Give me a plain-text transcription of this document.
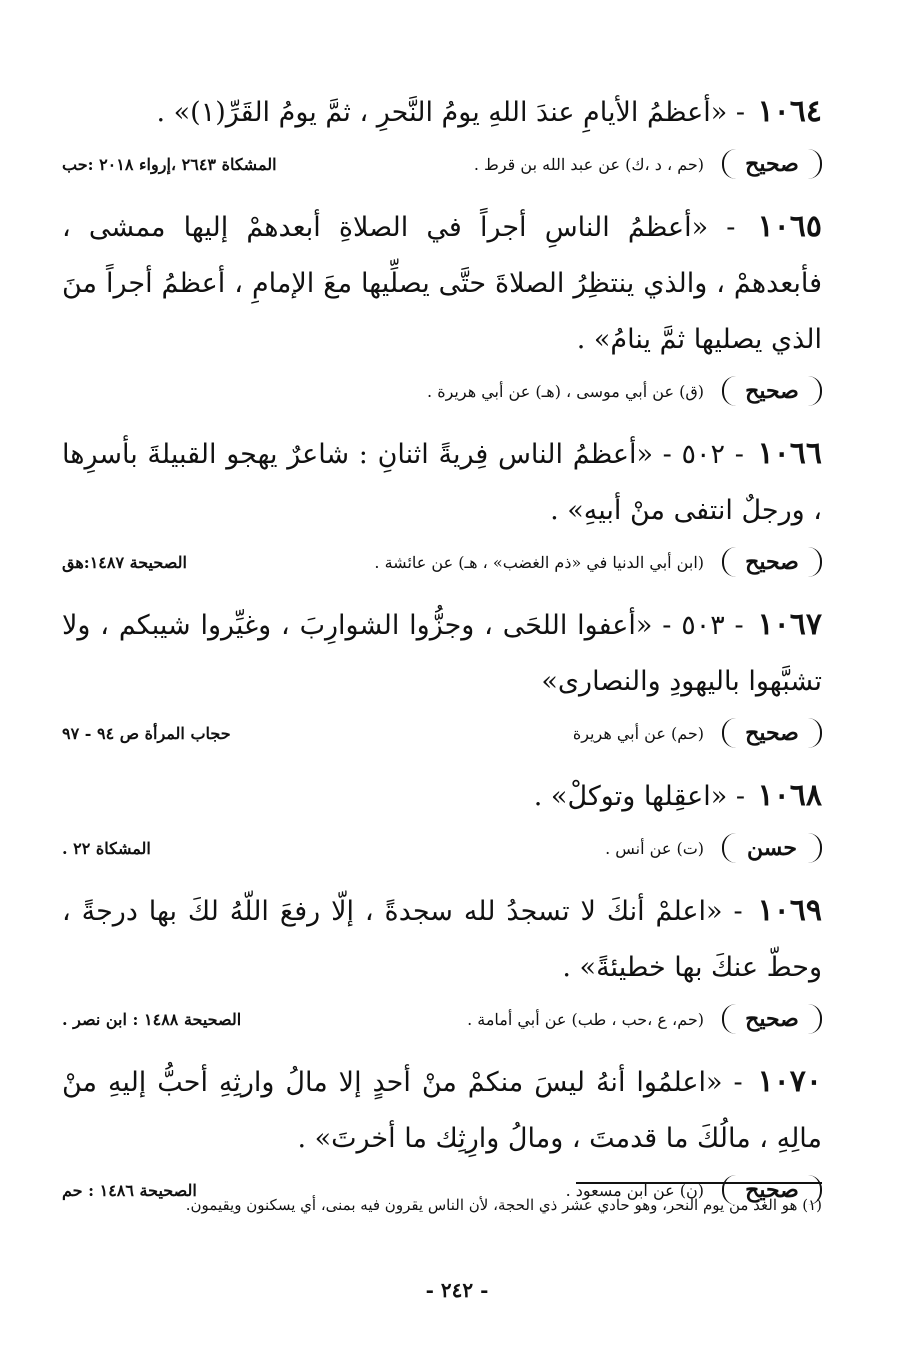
١٠٦٤ - «أعظمُ الأيامِ عندَ اللهِ يومُ النَّحرِ ، ثمَّ يومُ القَرِّ(١)» .

صحيح
(حم ، د ،ك) عن عبد الله بن قرط .
المشكاة ٢٦٤٣ ،إرواء ٢٠١٨ :حب

١٠٦٥ - «أعظمُ الناسِ أجراً في الصلاةِ أبعدهمْ إليها ممشى ، فأبعدهمْ ، والذي ينتظِرُ الصلاةَ حتَّى يصلِّيها معَ الإمامِ ، أعظمُ أجراً منَ الذي يصليها ثمَّ ينامُ» .

صحيح
(ق) عن أبي موسى ، (هـ) عن أبي هريرة .

١٠٦٦ - ٥٠٢ - «أعظمُ الناس فِريةً اثنانِ : شاعرٌ يهجو القبيلةَ بأسرِها ، ورجلٌ انتفى منْ أبيهِ» .

صحيح
(ابن أبي الدنيا في «ذم الغضب» ، هـ) عن عائشة .
الصحيحة ١٤٨٧:هق

١٠٦٧ - ٥٠٣ - «أعفوا اللحَى ، وجزُّوا الشوارِبَ ، وغيِّروا شيبكم ، ولا تشبَّهوا باليهودِ والنصارى»

صحيح
(حم) عن أبي هريرة
حجاب المرأة ص ٩٤ - ٩٧

١٠٦٨ - «اعقِلها وتوكلْ» .

حسن
(ت) عن أنس .
المشكاة ٢٢ .

١٠٦٩ - «اعلمْ أنكَ لا تسجدُ لله سجدةً ، إلّا رفعَ اللّهُ لكَ بها درجةً ، وحطّ عنكَ بها خطيئةً» .

صحيح
(حم، ع ،حب ، طب) عن أبي أمامة .
الصحيحة ١٤٨٨ : ابن نصر .

١٠٧٠ - «اعلمُوا أنهُ ليسَ منكمْ منْ أحدٍ إلا مالُ وارثِهِ أحبُّ إليهِ منْ مالِهِ ، مالُكَ ما قدمتَ ، ومالُ وارِثِك ما أخرتَ» .

صحيح
(ن) عن ابن مسعود .
الصحيحة ١٤٨٦ : حم
(١) هو الغد من يوم النحر، وهو حادي عشر ذي الحجة، لأن الناس يقرون فيه بمنى، أي يسكنون ويقيمون.
- ٢٤٢ -
